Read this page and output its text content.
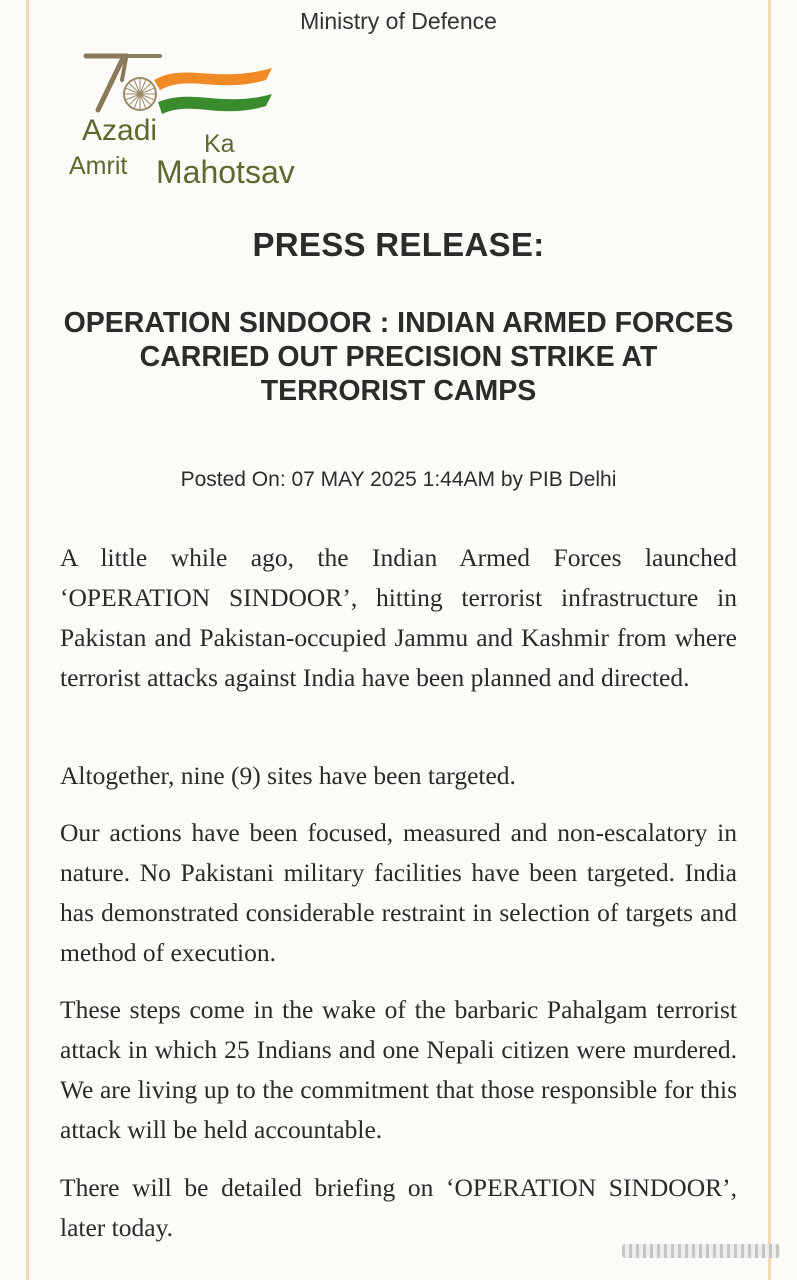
Ministry of Defence
Azadi Ka
Amrit Mahotsav
PRESS RELEASE:
OPERATION SINDOOR : INDIAN ARMED FORCES CARRIED OUT PRECISION STRIKE AT TERRORIST CAMPS
Posted On: 07 MAY 2025 1:44AM by PIB Delhi

A little while ago, the Indian Armed Forces launched ‘OPERATION SINDOOR’, hitting terrorist infrastructure in Pakistan and Pakistan-occupied Jammu and Kashmir from where terrorist attacks against India have been planned and directed.

Altogether, nine (9) sites have been targeted.

Our actions have been focused, measured and non-escalatory in nature. No Pakistani military facilities have been targeted. India has demonstrated considerable restraint in selection of targets and method of execution.

These steps come in the wake of the barbaric Pahalgam terrorist attack in which 25 Indians and one Nepali citizen were murdered. We are living up to the commitment that those responsible for this attack will be held accountable.

There will be detailed briefing on ‘OPERATION SINDOOR’, later today.
